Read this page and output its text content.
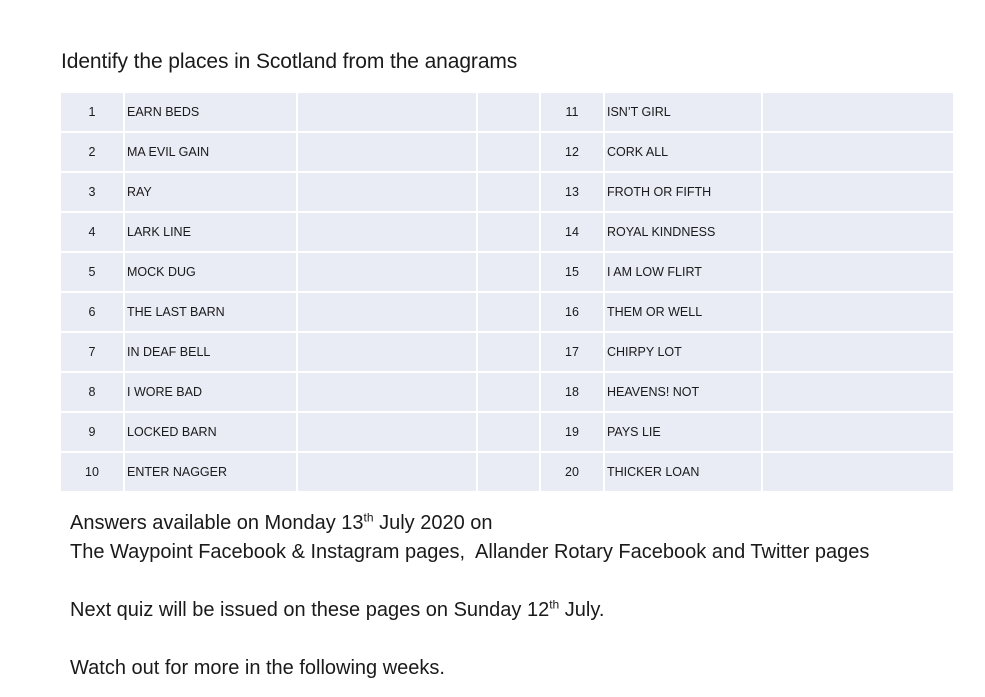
Identify the places in Scotland from the anagrams
1	EARN BEDS			11	ISN’T GIRL	
2	MA EVIL GAIN			12	CORK ALL	
3	RAY			13	FROTH OR FIFTH	
4	LARK LINE			14	ROYAL KINDNESS	
5	MOCK DUG			15	I AM LOW FLIRT	
6	THE LAST BARN			16	THEM OR WELL	
7	IN DEAF BELL			17	CHIRPY LOT	
8	I WORE BAD			18	HEAVENS! NOT	
9	LOCKED BARN			19	PAYS LIE	
10	ENTER NAGGER			20	THICKER LOAN	

Answers available on Monday 13th July 2020 on

The Waypoint Facebook & Instagram pages,  Allander Rotary Facebook and Twitter pages

Next quiz will be issued on these pages on Sunday 12th July.

Watch out for more in the following weeks.
